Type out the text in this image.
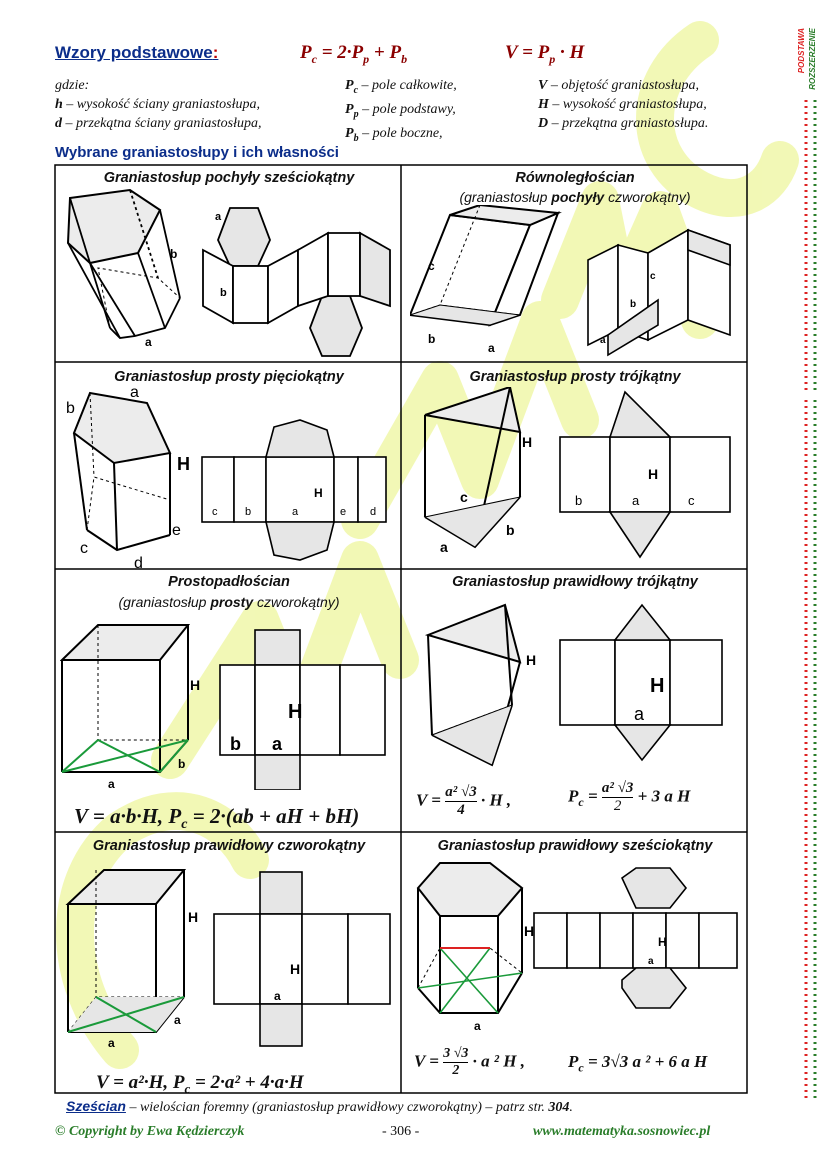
Wzory podstawowe:	$P_c = 2\cdot P_p + P_b$	$V = P_p \cdot H$
gdzie:
h – wysokość ściany graniastosłupa,
d – przekątna ściany graniastosłupa,
$P_c$ – pole całkowite,
$P_p$ – pole podstawy,
$P_b$ – pole boczne,
V – objętość graniastosłupa,
H – wysokość graniastosłupa,
D – przekątna graniastosłupa.
Wybrane graniastosłupy i ich własności
Graniastosłup pochyły sześciokątny	Równoległościan
(graniastosłup pochyły czworokątny)
Graniastosłup prosty pięciokątny	Graniastosłup prosty trójkątny
Prostopadłościan
(graniastosłup prosty czworokątny)
Graniastosłup prawidłowy trójkątny
Graniastosłup prawidłowy czworokątny	Graniastosłup prawidłowy sześciokątny
b
a
a
b
c
b
a
c
b
a
b
a
H
e
c
d
c	b	a	e d
H
H
c
a
b
b	a	c
H
H
b
a
H
b a
V = a·b·H, $P_c = 2\cdot(ab$ + aH + bH)
H
H
a
$V = \frac{\text{a² √3}}{4} \cdot H$ ,	$P_c = \frac{\text{a² √3}}{2} + 3$ a H
H
a
a
H
a
V = a²·H, $P_c = 2\cdot a^2 + 4\cdot a\cdot H$
H
a
H
a
$V = \frac{3 √3}{2} \cdot a$ ² H ,	$P_c = 3√3$ a ² + 6 a H
Sześcian – wielościan foremny (graniastosłup prawidłowy czworokątny) – patrz str. 304.
© Copyright by Ewa Kędzierczyk	- 306 -	www.matematyka.sosnowiec.pl
PODSTAWA ROZSZERZENIE
